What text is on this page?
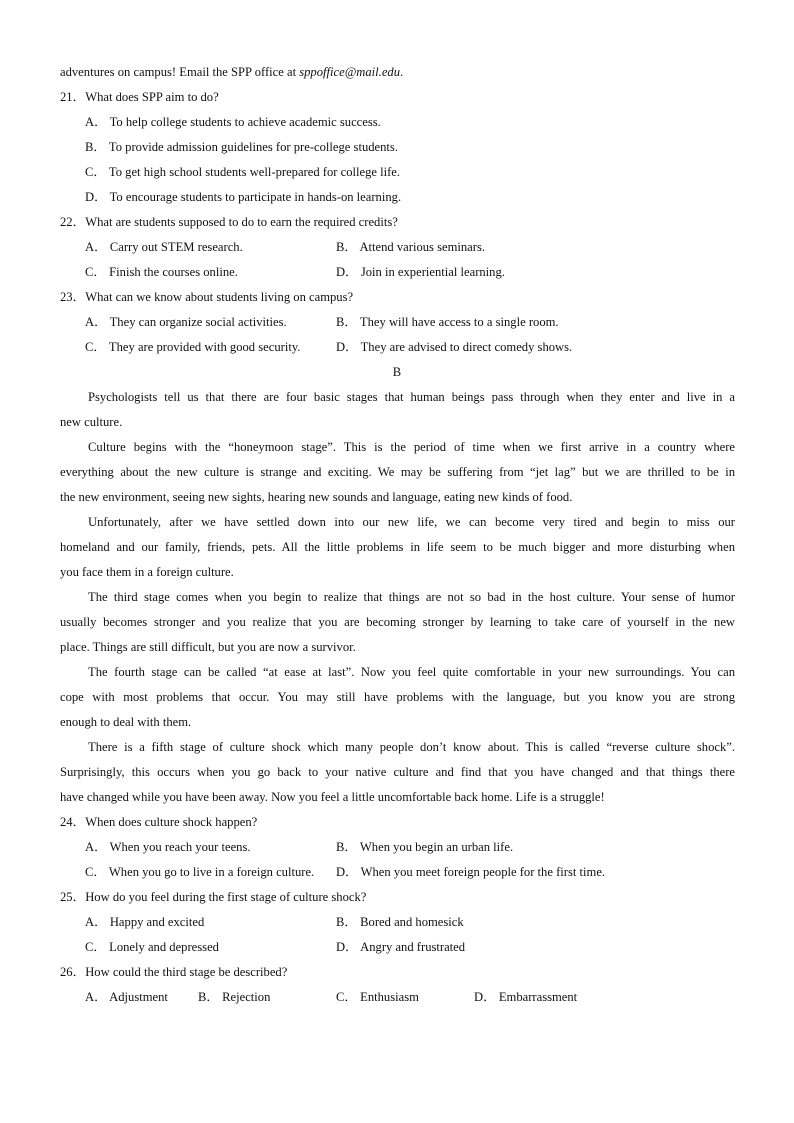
adventures on campus! Email the SPP office at sppoffice@mail.edu.
21．What does SPP aim to do?
A． To help college students to achieve academic success.
B． To provide admission guidelines for pre-college students.
C． To get high school students well-prepared for college life.
D． To encourage students to participate in hands-on learning.
22．What are students supposed to do to earn the required credits?
A． Carry out STEM research.	B． Attend various seminars.
C． Finish the courses online.	D． Join in experiential learning.
23．What can we know about students living on campus?
A． They can organize social activities.	B． They will have access to a single room.
C． They are provided with good security.	D． They are advised to direct comedy shows.
B
Psychologists tell us that there are four basic stages that human beings pass through when they enter and live in a
new culture.
Culture begins with the “honeymoon stage”. This is the period of time when we first arrive in a country where
everything about the new culture is strange and exciting. We may be suffering from “jet lag” but we are thrilled to be in
the new environment, seeing new sights, hearing new sounds and language, eating new kinds of food.
Unfortunately, after we have settled down into our new life, we can become very tired and begin to miss our
homeland and our family, friends, pets. All the little problems in life seem to be much bigger and more disturbing when
you face them in a foreign culture.
The third stage comes when you begin to realize that things are not so bad in the host culture. Your sense of humor
usually becomes stronger and you realize that you are becoming stronger by learning to take care of yourself in the new
place. Things are still difficult, but you are now a survivor.
The fourth stage can be called “at ease at last”. Now you feel quite comfortable in your new surroundings. You can
cope with most problems that occur. You may still have problems with the language, but you know you are strong
enough to deal with them.
There is a fifth stage of culture shock which many people don’t know about. This is called “reverse culture shock”.
Surprisingly, this occurs when you go back to your native culture and find that you have changed and that things there
have changed while you have been away. Now you feel a little uncomfortable back home. Life is a struggle!
24．When does culture shock happen?
A． When you reach your teens.	B． When you begin an urban life.
C． When you go to live in a foreign culture. D． When you meet foreign people for the first time.
25．How do you feel during the first stage of culture shock?
A． Happy and excited	B． Bored and homesick
C． Lonely and depressed	D． Angry and frustrated
26．How could the third stage be described?
A． Adjustment B． Rejection	C． Enthusiasm	D． Embarrassment
